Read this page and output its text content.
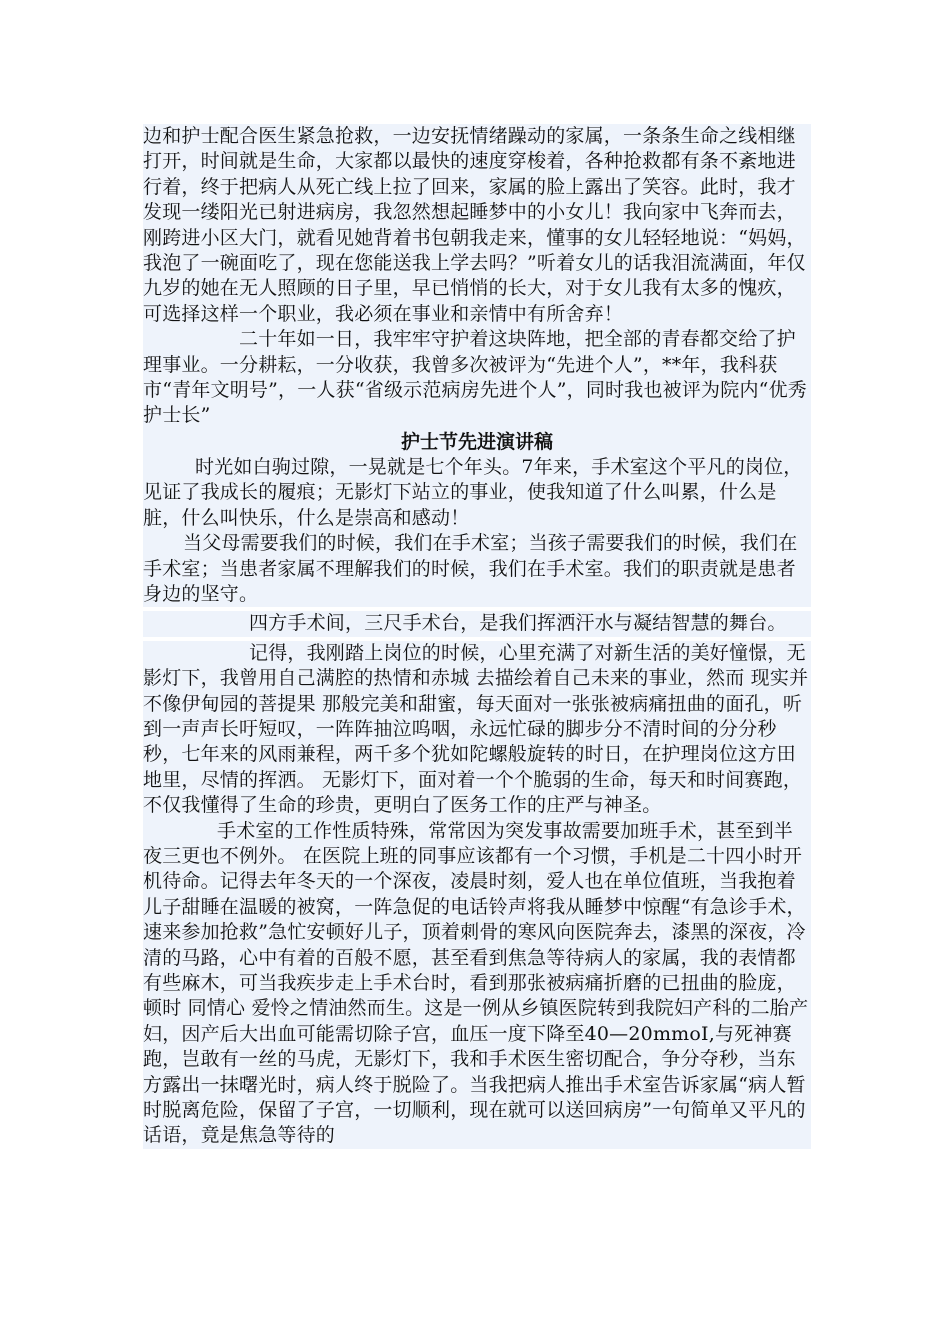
边和护士配合医生紧急抢救，一边安抚情绪躁动的家属，一条条生命之线相继打开，时间就是生命，大家都以最快的速度穿梭着，各种抢救都有条不紊地进行着，终于把病人从死亡线上拉了回来，家属的脸上露出了笑容。此时，我才发现一缕阳光已射进病房，我忽然想起睡梦中的小女儿！我向家中飞奔而去，刚跨进小区大门，就看见她背着书包朝我走来，懂事的女儿轻轻地说：“妈妈，我泡了一碗面吃了，现在您能送我上学去吗？”听着女儿的话我泪流满面，年仅九岁的她在无人照顾的日子里，早已悄悄的长大，对于女儿我有太多的愧疚，可选择这样一个职业，我必须在事业和亲情中有所舍弃！

二十年如一日，我牢牢守护着这块阵地，把全部的青春都交给了护理事业。一分耕耘，一分收获，我曾多次被评为“先进个人”，**年，我科获市“青年文明号”，一人获“省级示范病房先进个人”，同时我也被评为院内“优秀护士长”

护士节先进演讲稿

时光如白驹过隙，一晃就是七个年头。7年来，手术室这个平凡的岗位，见证了我成长的履痕；无影灯下站立的事业，使我知道了什么叫累，什么是脏，什么叫快乐，什么是崇高和感动！

当父母需要我们的时候，我们在手术室；当孩子需要我们的时候，我们在手术室；当患者家属不理解我们的时候，我们在手术室。我们的职责就是患者身边的坚守。

四方手术间，三尺手术台，是我们挥洒汗水与凝结智慧的舞台。

记得，我刚踏上岗位的时候，心里充满了对新生活的美好憧憬，无影灯下，我曾用自己满腔的热情和赤城 去描绘着自己未来的事业，然而 现实并不像伊甸园的菩提果 那般完美和甜蜜，每天面对一张张被病痛扭曲的面孔，听到一声声长吁短叹，一阵阵抽泣呜咽，永远忙碌的脚步分不清时间的分分秒秒，七年来的风雨兼程，两千多个犹如陀螺般旋转的时日，在护理岗位这方田地里，尽情的挥洒。 无影灯下，面对着一个个脆弱的生命，每天和时间赛跑，不仅我懂得了生命的珍贵，更明白了医务工作的庄严与神圣。

手术室的工作性质特殊，常常因为突发事故需要加班手术，甚至到半夜三更也不例外。 在医院上班的同事应该都有一个习惯，手机是二十四小时开机待命。记得去年冬天的一个深夜，凌晨时刻，爱人也在单位值班，当我抱着儿子甜睡在温暖的被窝，一阵急促的电话铃声将我从睡梦中惊醒“有急诊手术，速来参加抢救”急忙安顿好儿子，顶着刺骨的寒风向医院奔去，漆黑的深夜，冷清的马路，心中有着的百般不愿，甚至看到焦急等待病人的家属，我的表情都有些麻木，可当我疾步走上手术台时，看到那张被病痛折磨的已扭曲的脸庞，顿时 同情心 爱怜之情油然而生。这是一例从乡镇医院转到我院妇产科的二胎产妇，因产后大出血可能需切除子宫，血压一度下降至40—20mmoI,与死神赛跑，岂敢有一丝的马虎，无影灯下，我和手术医生密切配合，争分夺秒，当东方露出一抹曙光时，病人终于脱险了。当我把病人推出手术室告诉家属“病人暂时脱离危险，保留了子宫，一切顺利，现在就可以送回病房”一句简单又平凡的话语，竟是焦急等待的
